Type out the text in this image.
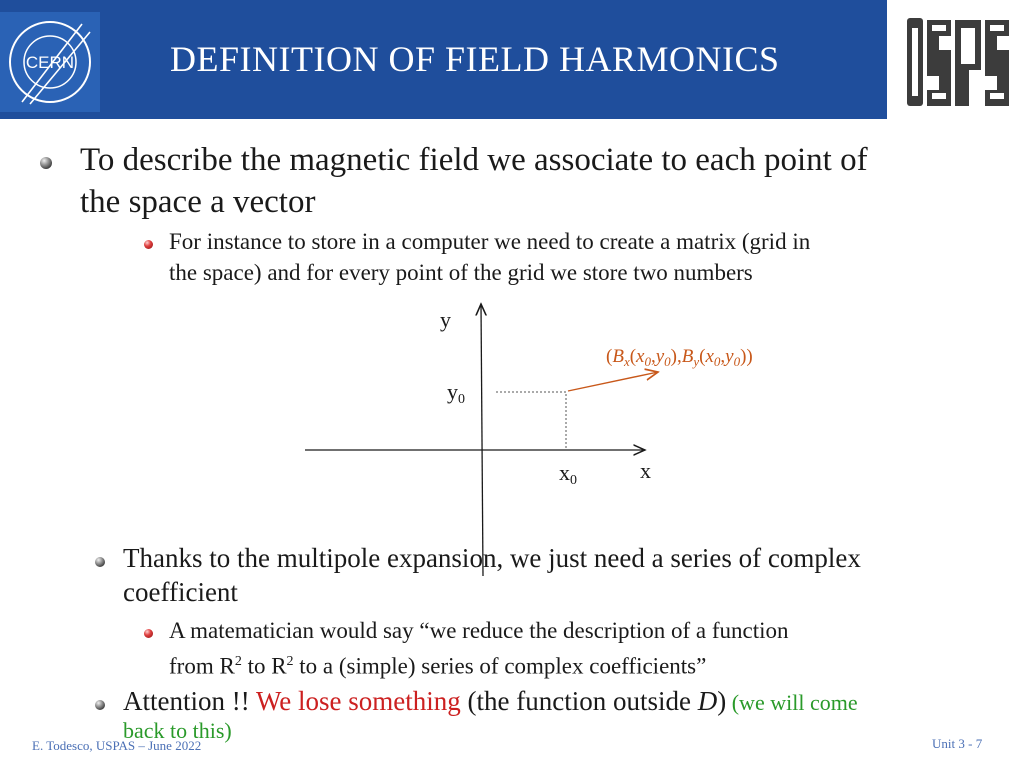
CERN	DEFINITION OF FIELD HARMONICS
USPAS
To describe the magnetic field we associate to each point of
the space a vector
For instance to store in a computer we need to create a matrix (grid in
the space) and for every point of the grid we store two numbers
y
x
y0
x0
$(B_x(x_0,y_0),B_y(x_0,y_0))$
Thanks to the multipole expansion, we just need a series of complex
coefficient
A matematician would say “we reduce the description of a function
from $R^2$ to $R^2$ to a (simple) series of complex coefficients”
Attention !! We lose something (the function outside D) (we will come
back to this)
E. Todesco, USPAS – June 2022	Unit 3 - 7
